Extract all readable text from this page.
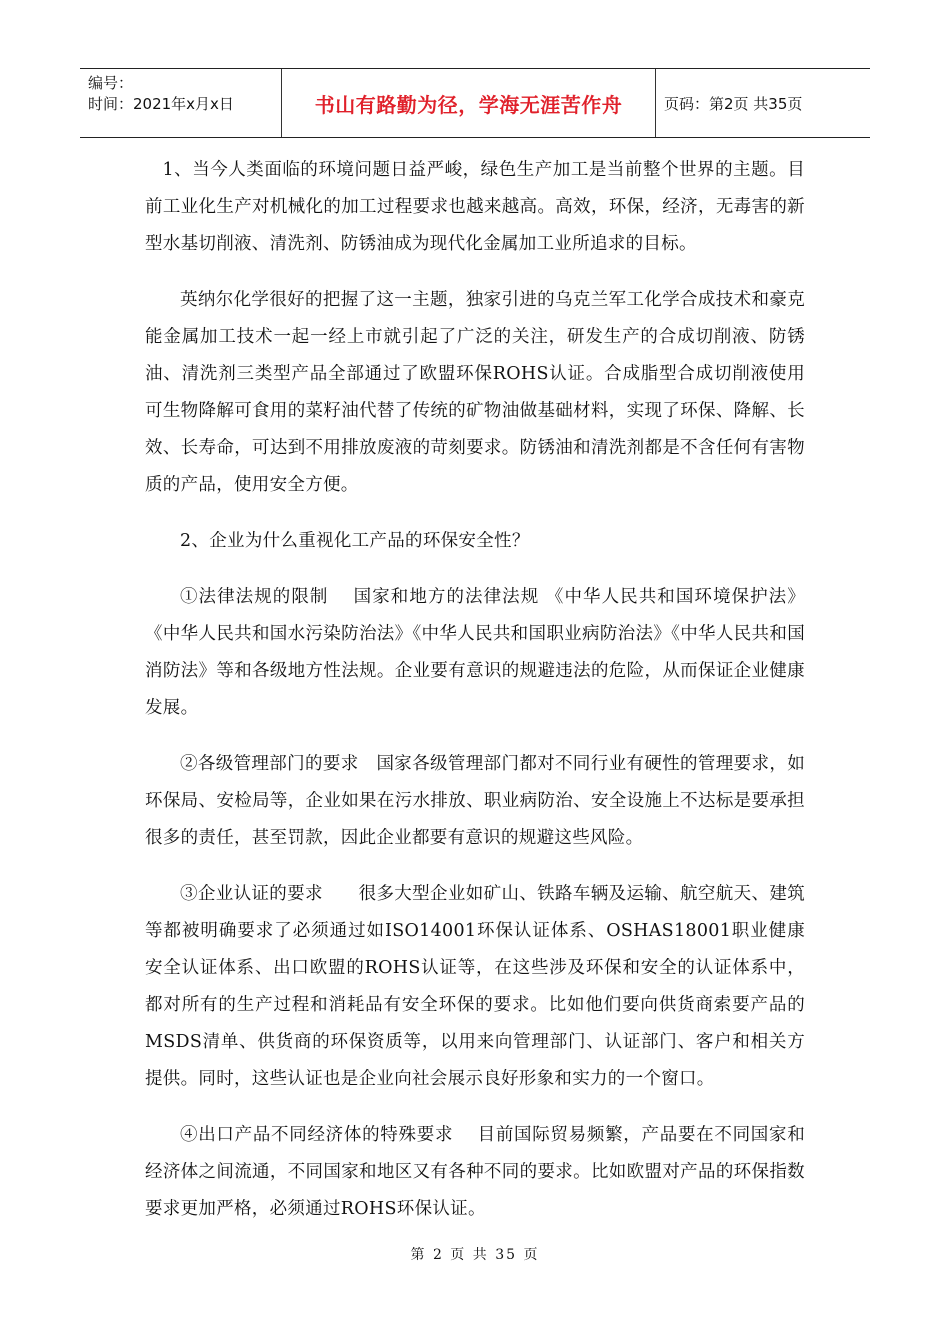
编号：
时间：2021年x月x日	书山有路勤为径，学海无涯苦作舟	页码：第2页 共35页

1、当今人类面临的环境问题日益严峻，绿色生产加工是当前整个世界的主题。目前工业化生产对机械化的加工过程要求也越来越高。高效，环保，经济，无毒害的新型水基切削液、清洗剂、防锈油成为现代化金属加工业所追求的目标。

英纳尔化学很好的把握了这一主题，独家引进的乌克兰军工化学合成技术和豪克能金属加工技术一起一经上市就引起了广泛的关注，研发生产的合成切削液、防锈油、清洗剂三类型产品全部通过了欧盟环保ROHS认证。合成脂型合成切削液使用可生物降解可食用的菜籽油代替了传统的矿物油做基础材料，实现了环保、降解、长效、长寿命，可达到不用排放废液的苛刻要求。防锈油和清洗剂都是不含任何有害物质的产品，使用安全方便。

2、企业为什么重视化工产品的环保安全性？

①法律法规的限制　 国家和地方的法律法规 《中华人民共和国环境保护法》《中华人民共和国水污染防治法》《中华人民共和国职业病防治法》《中华人民共和国消防法》等和各级地方性法规。企业要有意识的规避违法的危险，从而保证企业健康发展。

②各级管理部门的要求　国家各级管理部门都对不同行业有硬性的管理要求，如环保局、安检局等，企业如果在污水排放、职业病防治、安全设施上不达标是要承担很多的责任，甚至罚款，因此企业都要有意识的规避这些风险。

③企业认证的要求　　很多大型企业如矿山、铁路车辆及运输、航空航天、建筑等都被明确要求了必须通过如ISO14001环保认证体系、OSHAS18001职业健康安全认证体系、出口欧盟的ROHS认证等，在这些涉及环保和安全的认证体系中，都对所有的生产过程和消耗品有安全环保的要求。比如他们要向供货商索要产品的MSDS清单、供货商的环保资质等，以用来向管理部门、认证部门、客户和相关方提供。同时，这些认证也是企业向社会展示良好形象和实力的一个窗口。

④出口产品不同经济体的特殊要求　 目前国际贸易频繁，产品要在不同国家和经济体之间流通，不同国家和地区又有各种不同的要求。比如欧盟对产品的环保指数要求更加严格，必须通过ROHS环保认证。

第 2 页 共 35 页
